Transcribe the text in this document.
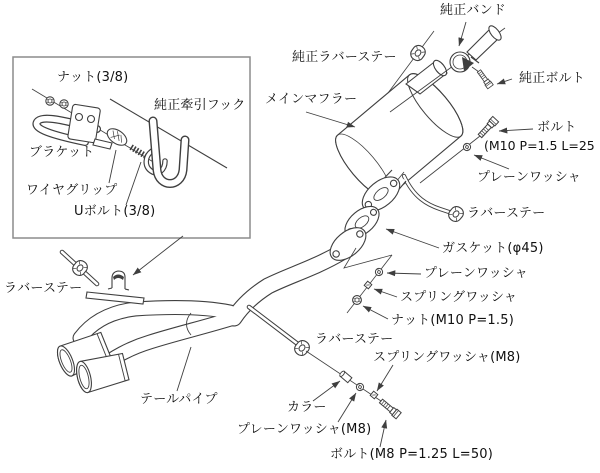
ナット(3/8)
純正牽引フック
ブラケット
ワイヤグリップ
Uボルト(3/8)
純正バンド
純正ラバーステー
純正ボルト
メインマフラー
ボルト
(M10 P=1.5 L=25
プレーンワッシャ
ラバーステー
ガスケット(φ45)
プレーンワッシャ
スプリングワッシャ
ナット(M10 P=1.5)
ラバーステー
スプリングワッシャ(M8)
カラー
プレーンワッシャ(M8)
ボルト(M8 P=1.25 L=50)
ラバーステー
テールパイプ
